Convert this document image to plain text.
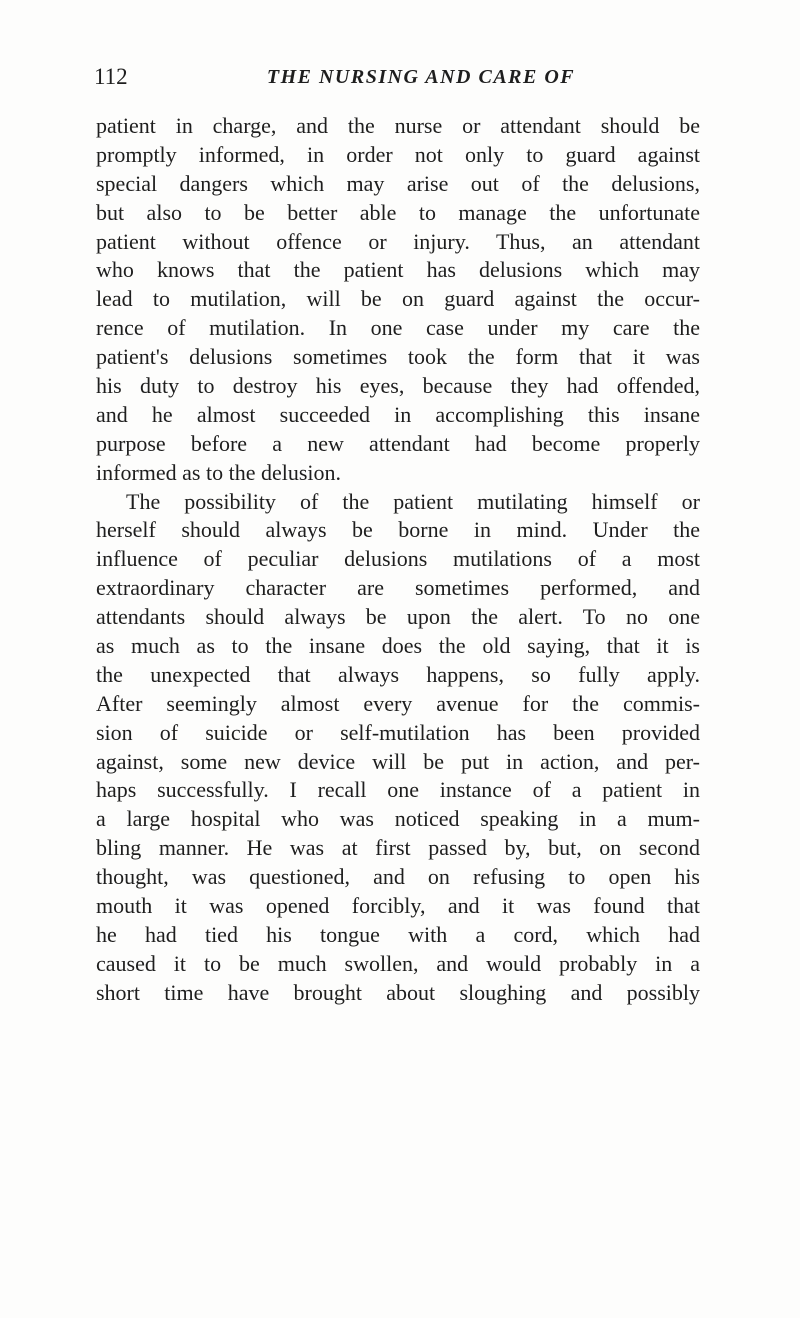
112	THE NURSING AND CARE OF
patient in charge, and the nurse or attendant should be
promptly informed, in order not only to guard against
special dangers which may arise out of the delusions,
but also to be better able to manage the unfortunate
patient without offence or injury. Thus, an attendant
who knows that the patient has delusions which may
lead to mutilation, will be on guard against the occur-
rence of mutilation. In one case under my care the
patient's delusions sometimes took the form that it was
his duty to destroy his eyes, because they had offended,
and he almost succeeded in accomplishing this insane
purpose before a new attendant had become properly
informed as to the delusion.
The possibility of the patient mutilating himself or
herself should always be borne in mind. Under the
influence of peculiar delusions mutilations of a most
extraordinary character are sometimes performed, and
attendants should always be upon the alert. To no one
as much as to the insane does the old saying, that it is
the unexpected that always happens, so fully apply.
After seemingly almost every avenue for the commis-
sion of suicide or self-mutilation has been provided
against, some new device will be put in action, and per-
haps successfully. I recall one instance of a patient in
a large hospital who was noticed speaking in a mum-
bling manner. He was at first passed by, but, on second
thought, was questioned, and on refusing to open his
mouth it was opened forcibly, and it was found that
he had tied his tongue with a cord, which had
caused it to be much swollen, and would probably in a
short time have brought about sloughing and possibly
